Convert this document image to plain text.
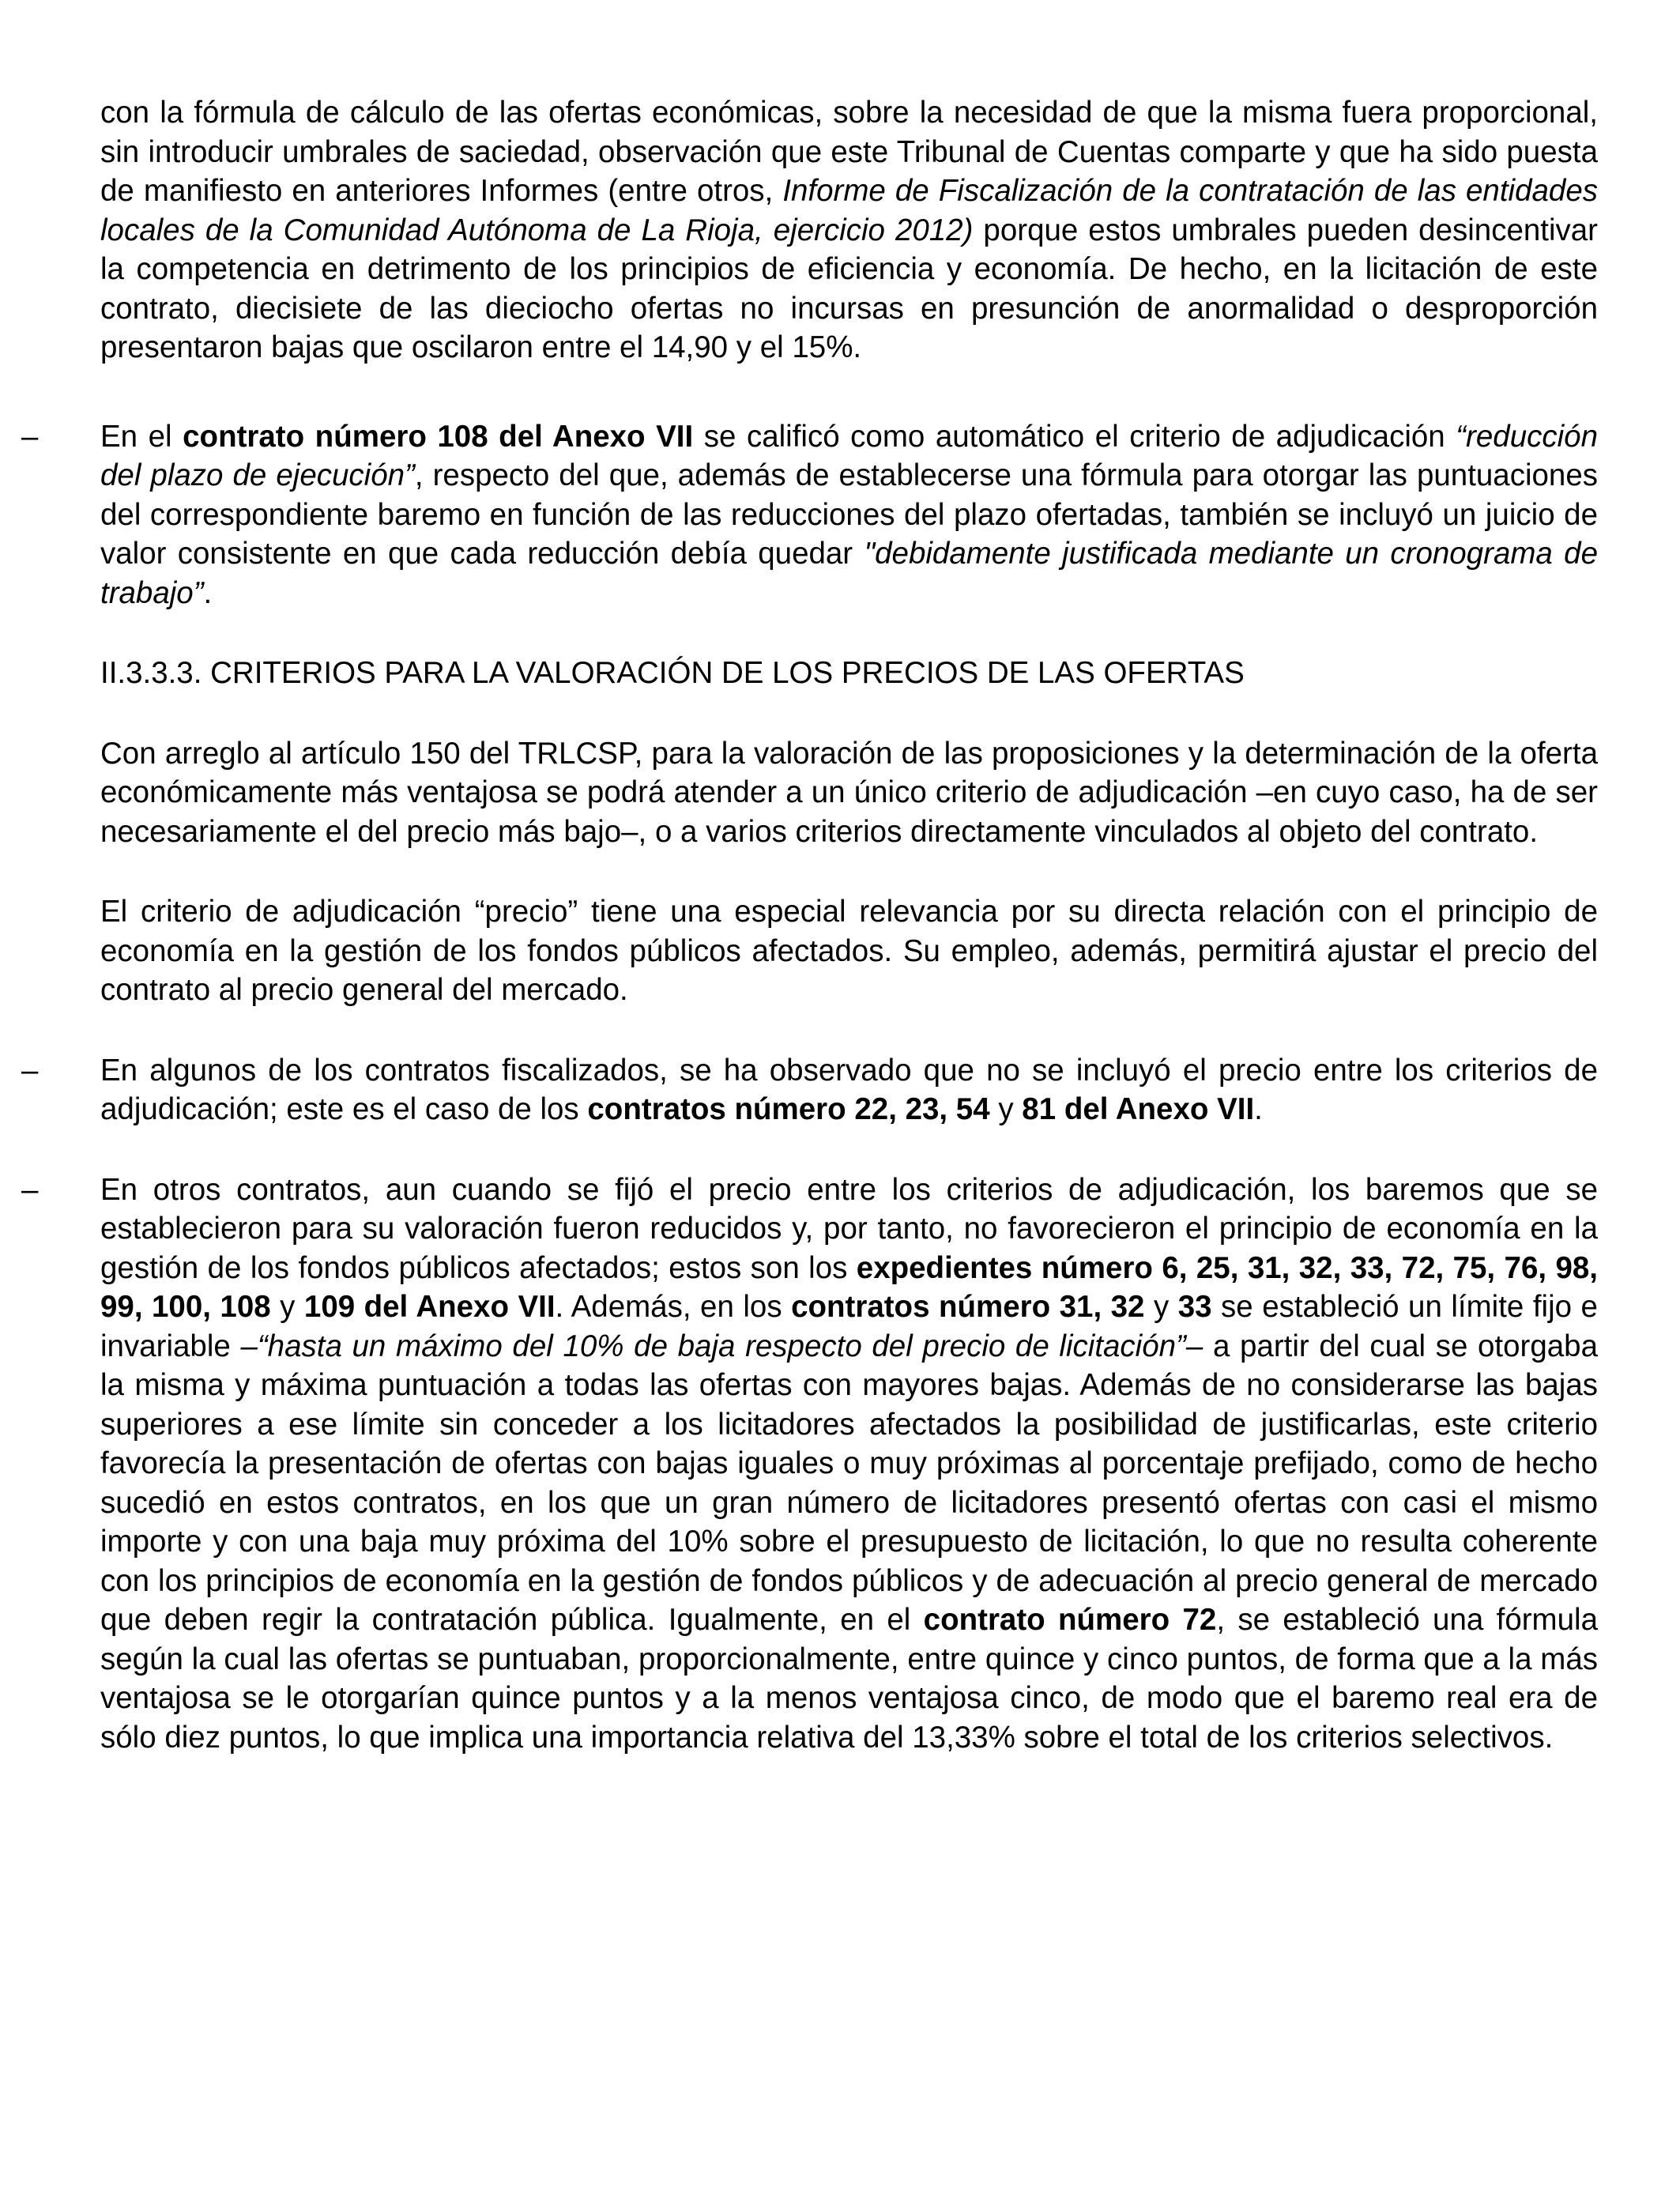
con la fórmula de cálculo de las ofertas económicas, sobre la necesidad de que la misma fuera proporcional, sin introducir umbrales de saciedad, observación que este Tribunal de Cuentas comparte y que ha sido puesta de manifiesto en anteriores Informes (entre otros, Informe de Fiscalización de la contratación de las entidades locales de la Comunidad Autónoma de La Rioja, ejercicio 2012) porque estos umbrales pueden desincentivar la competencia en detrimento de los principios de eficiencia y economía. De hecho, en la licitación de este contrato, diecisiete de las dieciocho ofertas no incursas en presunción de anormalidad o desproporción presentaron bajas que oscilaron entre el 14,90 y el 15%.

–	En el contrato número 108 del Anexo VII se calificó como automático el criterio de adjudicación “reducción del plazo de ejecución”, respecto del que, además de establecerse una fórmula para otorgar las puntuaciones del correspondiente baremo en función de las reducciones del plazo ofertadas, también se incluyó un juicio de valor consistente en que cada reducción debía quedar "debidamente justificada mediante un cronograma de trabajo”.

II.3.3.3. CRITERIOS PARA LA VALORACIÓN DE LOS PRECIOS DE LAS OFERTAS

Con arreglo al artículo 150 del TRLCSP, para la valoración de las proposiciones y la determinación de la oferta económicamente más ventajosa se podrá atender a un único criterio de adjudicación –en cuyo caso, ha de ser necesariamente el del precio más bajo–, o a varios criterios directamente vinculados al objeto del contrato.

El criterio de adjudicación “precio” tiene una especial relevancia por su directa relación con el principio de economía en la gestión de los fondos públicos afectados. Su empleo, además, permitirá ajustar el precio del contrato al precio general del mercado.

–	En algunos de los contratos fiscalizados, se ha observado que no se incluyó el precio entre los criterios de adjudicación; este es el caso de los contratos número 22, 23, 54 y 81 del Anexo VII.

–	En otros contratos, aun cuando se fijó el precio entre los criterios de adjudicación, los baremos que se establecieron para su valoración fueron reducidos y, por tanto, no favorecieron el principio de economía en la gestión de los fondos públicos afectados; estos son los expedientes número 6, 25, 31, 32, 33, 72, 75, 76, 98, 99, 100, 108 y 109 del Anexo VII. Además, en los contratos número 31, 32 y 33 se estableció un límite fijo e invariable –“hasta un máximo del 10% de baja respecto del precio de licitación”– a partir del cual se otorgaba la misma y máxima puntuación a todas las ofertas con mayores bajas. Además de no considerarse las bajas superiores a ese límite sin conceder a los licitadores afectados la posibilidad de justificarlas, este criterio favorecía la presentación de ofertas con bajas iguales o muy próximas al porcentaje prefijado, como de hecho sucedió en estos contratos, en los que un gran número de licitadores presentó ofertas con casi el mismo importe y con una baja muy próxima del 10% sobre el presupuesto de licitación, lo que no resulta coherente con los principios de economía en la gestión de fondos públicos y de adecuación al precio general de mercado que deben regir la contratación pública. Igualmente, en el contrato número 72, se estableció una fórmula según la cual las ofertas se puntuaban, proporcionalmente, entre quince y cinco puntos, de forma que a la más ventajosa se le otorgarían quince puntos y a la menos ventajosa cinco, de modo que el baremo real era de sólo diez puntos, lo que implica una importancia relativa del 13,33% sobre el total de los criterios selectivos.
